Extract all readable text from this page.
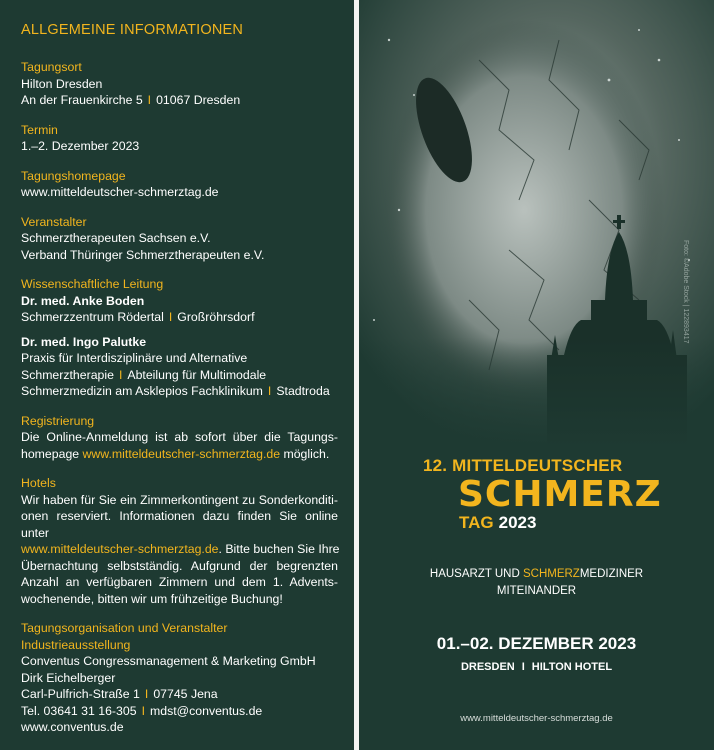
ALLGEMEINE INFORMATIONEN
Tagungsort
Hilton Dresden
An der Frauenkirche 5 I 01067 Dresden
Termin
1.–2. Dezember 2023
Tagungshomepage
www.mitteldeutscher-schmerztag.de
Veranstalter
Schmerztherapeuten Sachsen e.V.
Verband Thüringer Schmerztherapeuten e.V.
Wissenschaftliche Leitung
Dr. med. Anke Boden
Schmerzzentrum Rödertal I Großröhrsdorf
Dr. med. Ingo Palutke
Praxis für Interdisziplinäre und Alternative
Schmerztherapie I Abteilung für Multimodale
Schmerzmedizin am Asklepios Fachklinikum I Stadtroda
Registrierung
Die Online-Anmeldung ist ab sofort über die Tagungs-
homepage www.mitteldeutscher-schmerztag.de möglich.
Hotels
Wir haben für Sie ein Zimmerkontingent zu Sonderkonditi-
onen reserviert. Informationen dazu finden Sie online unter
www.mitteldeutscher-schmerztag.de. Bitte buchen Sie Ihre
Übernachtung selbstständig. Aufgrund der begrenzten
Anzahl an verfügbaren Zimmern und dem 1. Advents-
wochenende, bitten wir um frühzeitige Buchung!
Tagungsorganisation und Veranstalter Industrieausstellung
Conventus Congressmanagement & Marketing GmbH
Dirk Eichelberger
Carl-Pulfrich-Straße 1 I 07745 Jena
Tel. 03641 31 16-305 I mdst@conventus.de
www.conventus.de
Foto: ©Adobe Stock | 122893417
12. MITTELDEUTSCHER
SCHMERZ
TAG 2023
HAUSARZT UND SCHMERZMEDIZINER
MITEINANDER
01.–02. DEZEMBER 2023
DRESDEN I HILTON HOTEL
www.mitteldeutscher-schmerztag.de
